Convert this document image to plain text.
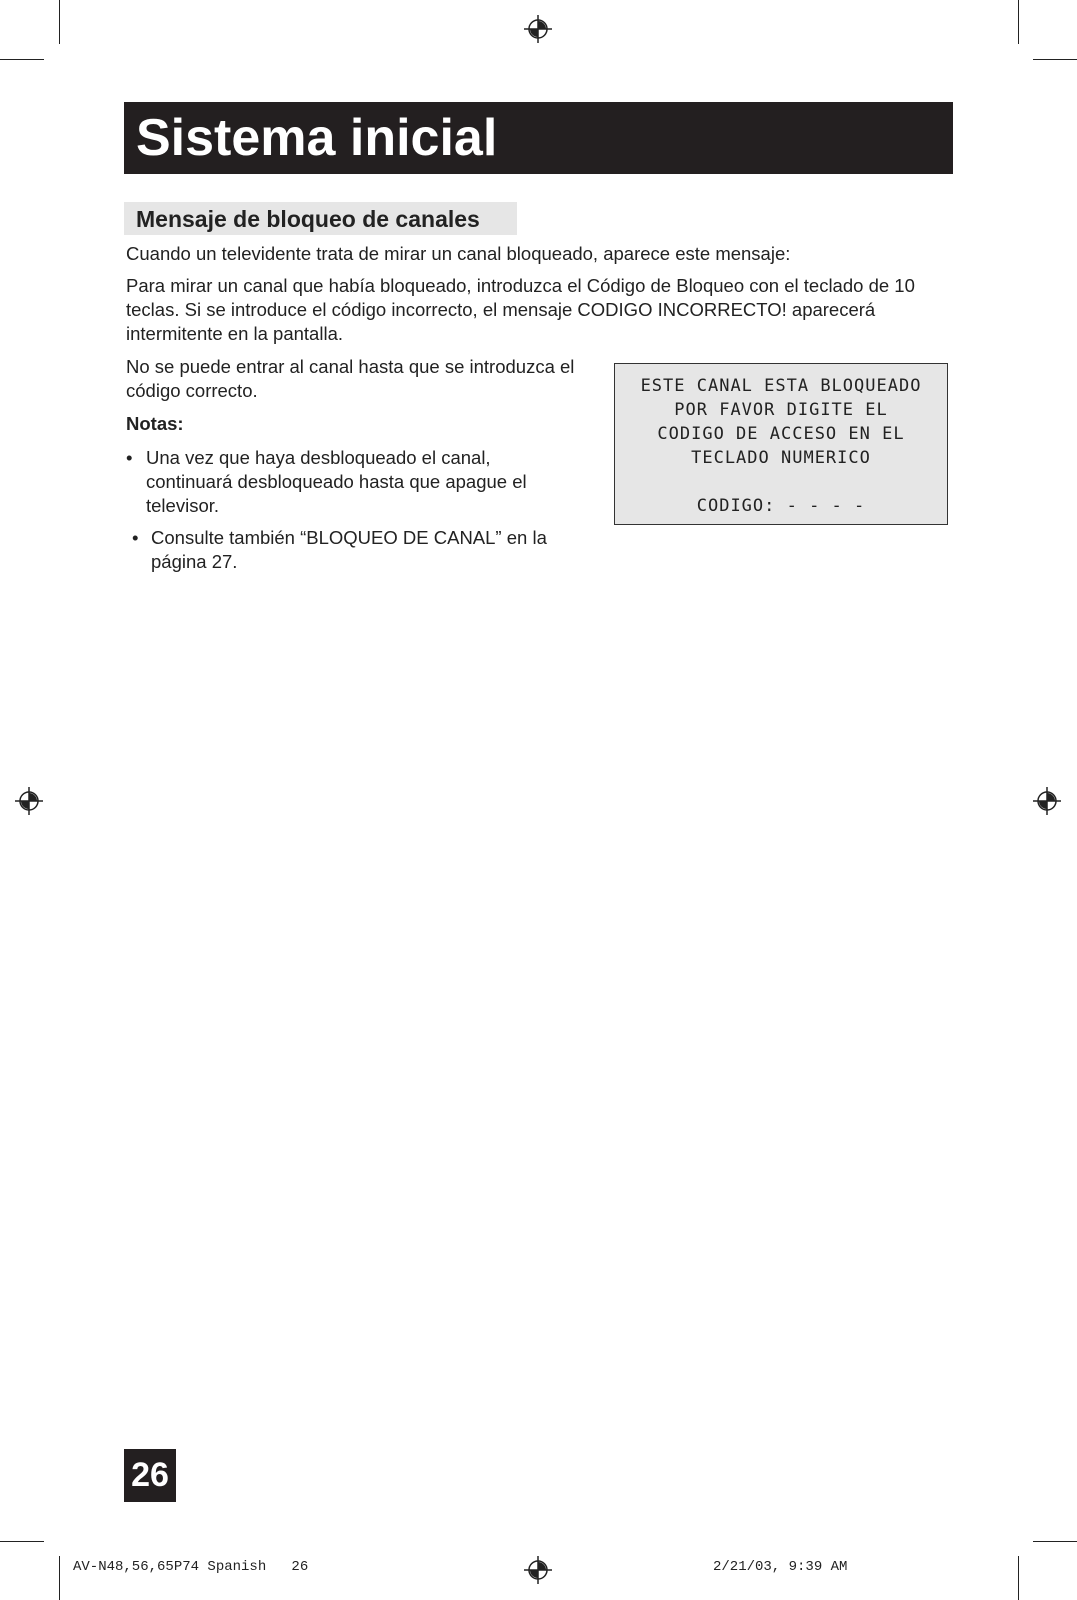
Sistema inicial
Mensaje de bloqueo de canales
Cuando un televidente trata de mirar un canal bloqueado, aparece este mensaje:
Para mirar un canal que había bloqueado, introduzca el Código de Bloqueo con el teclado de 10 teclas. Si se introduce el código incorrecto, el mensaje CODIGO INCORRECTO! aparecerá intermitente en la pantalla.
No se puede entrar al canal hasta que se introduzca el código correcto.
Notas:
• Una vez que haya desbloqueado el canal, continuará desbloqueado hasta que apague el televisor.
• Consulte también “BLOQUEO DE CANAL” en la página 27.
ESTE CANAL ESTA BLOQUEADO
POR FAVOR DIGITE EL
CODIGO DE ACCESO EN EL
TECLADO NUMERICO
CODIGO: - - - -
26
AV-N48,56,65P74 Spanish   26	2/21/03, 9:39 AM
